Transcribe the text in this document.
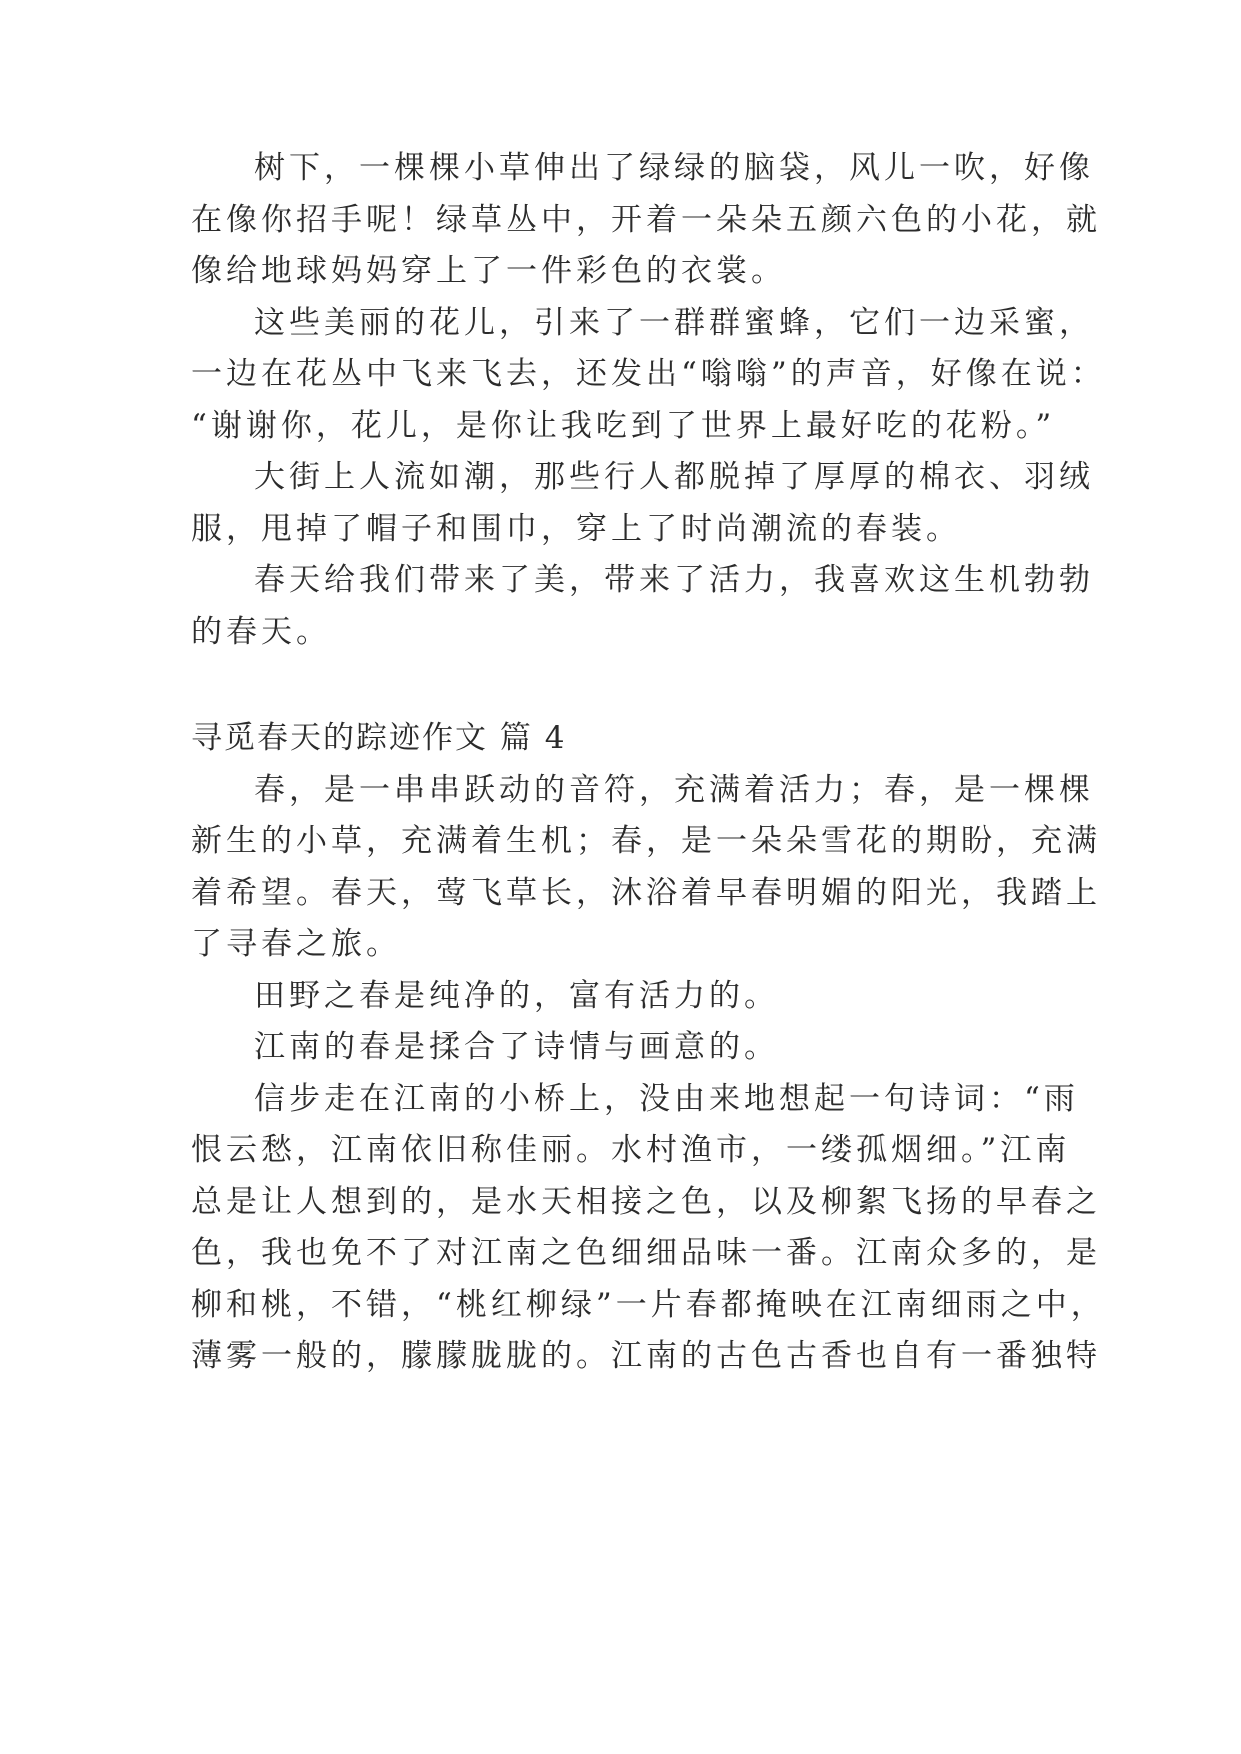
树下，一棵棵小草伸出了绿绿的脑袋，风儿一吹，好像
在像你招手呢！绿草丛中，开着一朵朵五颜六色的小花，就
像给地球妈妈穿上了一件彩色的衣裳。
这些美丽的花儿，引来了一群群蜜蜂，它们一边采蜜，
一边在花丛中飞来飞去，还发出“嗡嗡”的声音，好像在说：
“谢谢你，花儿，是你让我吃到了世界上最好吃的花粉。”
大街上人流如潮，那些行人都脱掉了厚厚的棉衣、羽绒
服，甩掉了帽子和围巾，穿上了时尚潮流的春装。
春天给我们带来了美，带来了活力，我喜欢这生机勃勃
的春天。
寻觅春天的踪迹作文 篇 4
春，是一串串跃动的音符，充满着活力；春，是一棵棵
新生的小草，充满着生机；春，是一朵朵雪花的期盼，充满
着希望。春天，莺飞草长，沐浴着早春明媚的阳光，我踏上
了寻春之旅。
田野之春是纯净的，富有活力的。
江南的春是揉合了诗情与画意的。
信步走在江南的小桥上，没由来地想起一句诗词：“雨
恨云愁，江南依旧称佳丽。水村渔市，一缕孤烟细。”江南
总是让人想到的，是水天相接之色，以及柳絮飞扬的早春之
色，我也免不了对江南之色细细品味一番。江南众多的，是
柳和桃，不错，“桃红柳绿”一片春都掩映在江南细雨之中，
薄雾一般的，朦朦胧胧的。江南的古色古香也自有一番独特
